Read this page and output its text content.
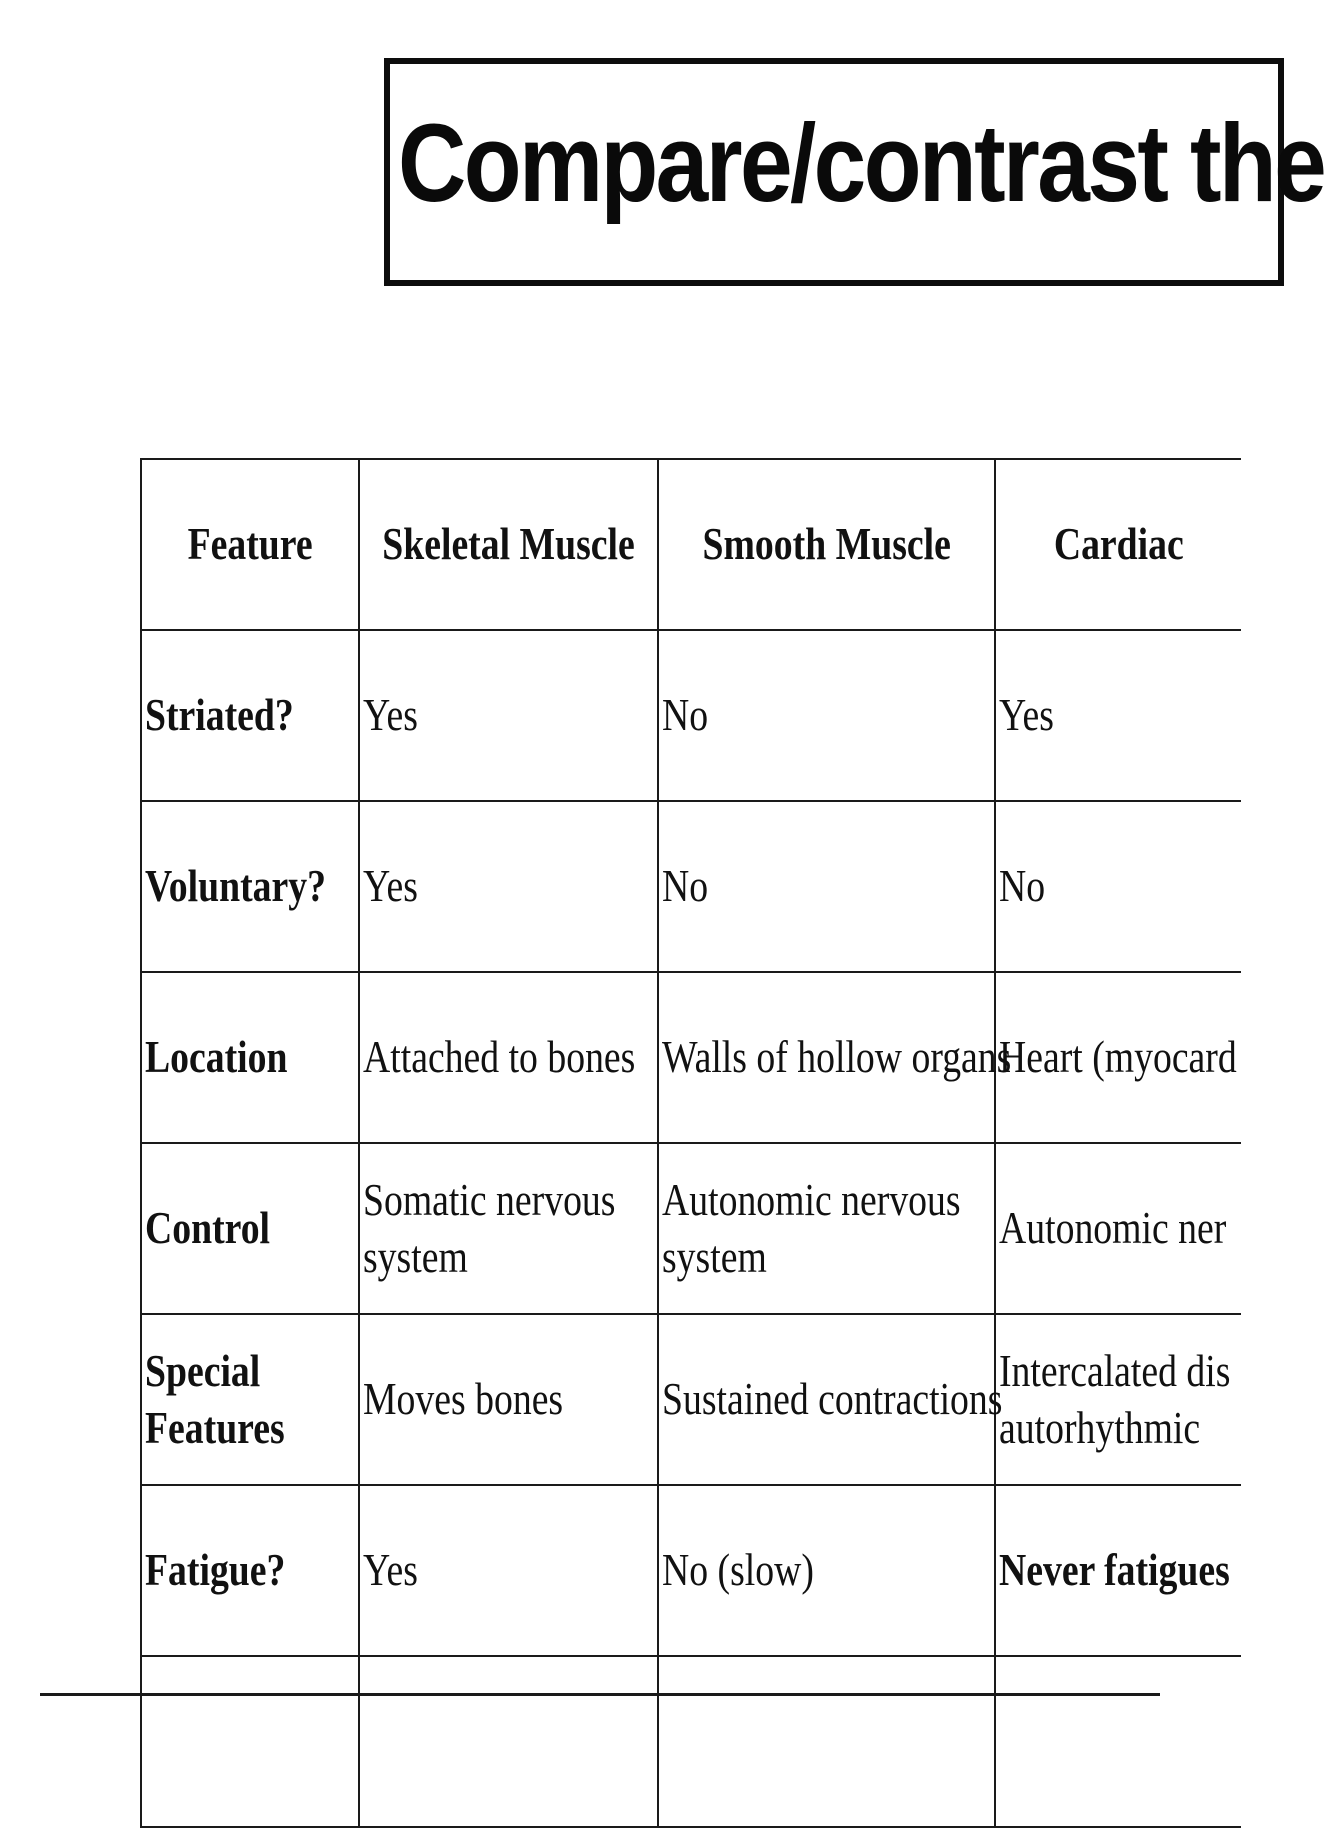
Compare/contrast the
Feature	Skeletal Muscle	Smooth Muscle	Cardiac
Striated?	Yes	No	Yes
Voluntary?	Yes	No	No
Location	Attached to bones	Walls of hollow organs	Heart (myocard
Control	Somatic nervous system	Autonomic nervous system	Autonomic ner
Special Features	Moves bones	Sustained contractions	Intercalated dis autorhythmic
Fatigue?	Yes	No (slow)	Never fatigues
